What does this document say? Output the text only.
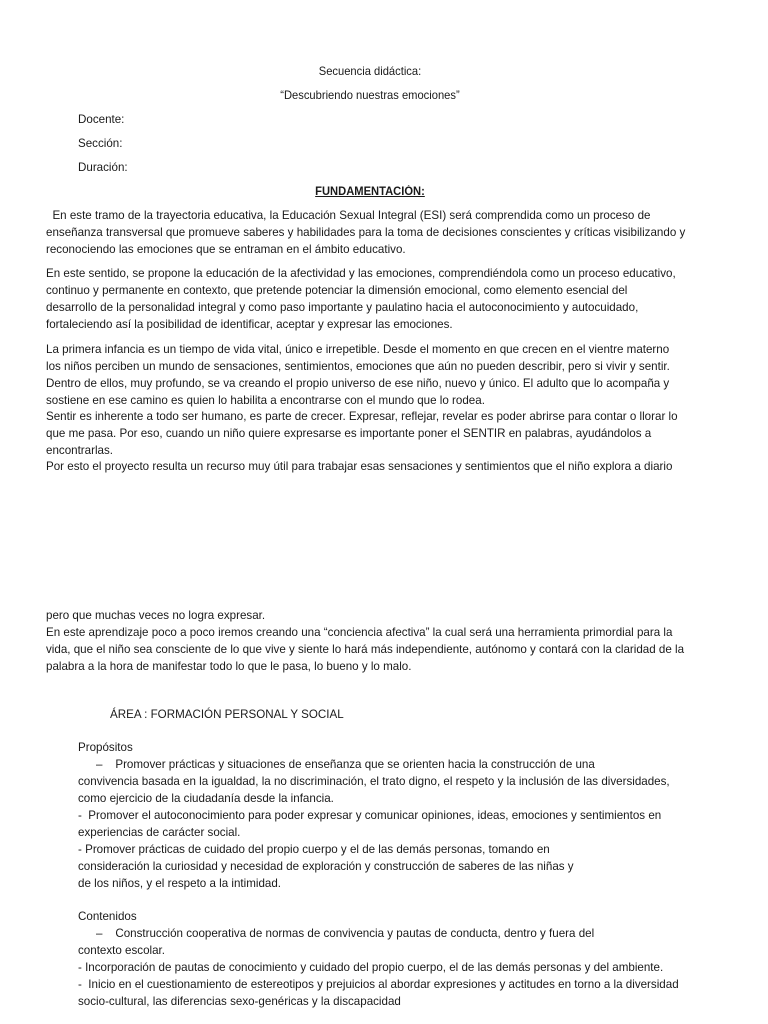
Secuencia didáctica:
“Descubriendo nuestras emociones”
Docente:
Sección:
Duración:
FUNDAMENTACIÓN:
En este tramo de la trayectoria educativa, la Educación Sexual Integral (ESI) será comprendida como un proceso de
enseñanza transversal que promueve saberes y habilidades para la toma de decisiones conscientes y críticas visibilizando y
reconociendo las emociones que se entraman en el ámbito educativo.
En este sentido, se propone la educación de la afectividad y las emociones, comprendiéndola como un proceso educativo,
continuo y permanente en contexto, que pretende potenciar la dimensión emocional, como elemento esencial del
desarrollo de la personalidad integral y como paso importante y paulatino hacia el autoconocimiento y autocuidado,
fortaleciendo así la posibilidad de identificar, aceptar y expresar las emociones.
La primera infancia es un tiempo de vida vital, único e irrepetible. Desde el momento en que crecen en el vientre materno
los niños perciben un mundo de sensaciones, sentimientos, emociones que aún no pueden describir, pero si vivir y sentir.
Dentro de ellos, muy profundo, se va creando el propio universo de ese niño, nuevo y único. El adulto que lo acompaña y
sostiene en ese camino es quien lo habilita a encontrarse con el mundo que lo rodea.
Sentir es inherente a todo ser humano, es parte de crecer. Expresar, reflejar, revelar es poder abrirse para contar o llorar lo
que me pasa. Por eso, cuando un niño quiere expresarse es importante poner el SENTIR en palabras, ayudándolos a
encontrarlas.
Por esto el proyecto resulta un recurso muy útil para trabajar esas sensaciones y sentimientos que el niño explora a diario
pero que muchas veces no logra expresar.
En este aprendizaje poco a poco iremos creando una “conciencia afectiva” la cual será una herramienta primordial para la
vida, que el niño sea consciente de lo que vive y siente lo hará más independiente, autónomo y contará con la claridad de la
palabra a la hora de manifestar todo lo que le pasa, lo bueno y lo malo.
ÁREA : FORMACIÓN PERSONAL Y SOCIAL
Propósitos
–    Promover prácticas y situaciones de enseñanza que se orienten hacia la construcción de una
convivencia basada en la igualdad, la no discriminación, el trato digno, el respeto y la inclusión de las diversidades,
como ejercicio de la ciudadanía desde la infancia.
-  Promover el autoconocimiento para poder expresar y comunicar opiniones, ideas, emociones y sentimientos en
experiencias de carácter social.
- Promover prácticas de cuidado del propio cuerpo y el de las demás personas, tomando en
consideración la curiosidad y necesidad de exploración y construcción de saberes de las niñas y
de los niños, y el respeto a la intimidad.
Contenidos
–    Construcción cooperativa de normas de convivencia y pautas de conducta, dentro y fuera del
contexto escolar.
- Incorporación de pautas de conocimiento y cuidado del propio cuerpo, el de las demás personas y del ambiente.
-  Inicio en el cuestionamiento de estereotipos y prejuicios al abordar expresiones y actitudes en torno a la diversidad
socio-cultural, las diferencias sexo-genéricas y la discapacidad
